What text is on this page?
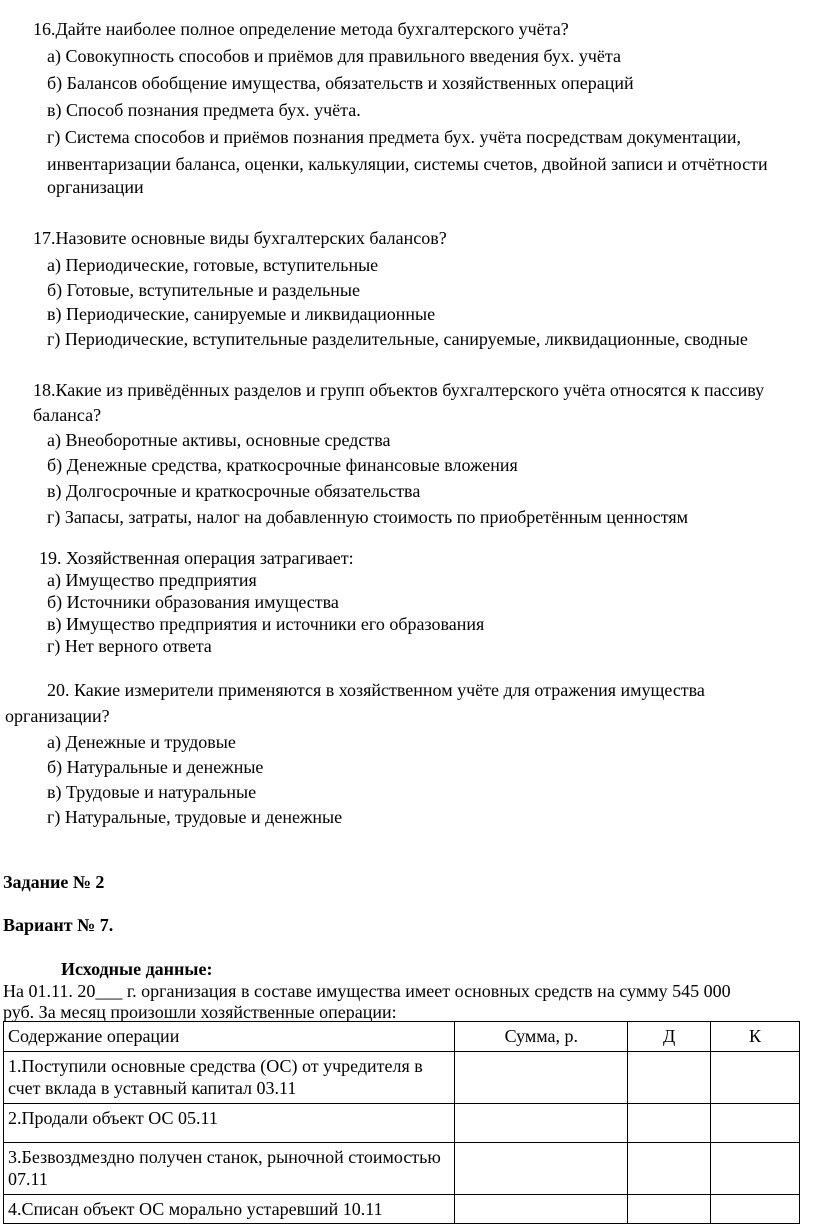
16.Дайте наиболее полное определение метода бухгалтерского учёта?
а) Совокупность способов и приёмов для правильного введения бух. учёта
б) Балансов обобщение имущества, обязательств и хозяйственных операций
в) Способ познания предмета бух. учёта.
г) Система способов и приёмов познания предмета бух. учёта посредствам документации,
инвентаризации баланса, оценки, калькуляции, системы счетов, двойной записи и отчётности
организации
17.Назовите основные виды бухгалтерских балансов?
а) Периодические, готовые, вступительные
б) Готовые, вступительные и раздельные
в) Периодические, санируемые и ликвидационные
г) Периодические, вступительные разделительные, санируемые, ликвидационные, сводные
18.Какие из привёдённых разделов и групп объектов бухгалтерского учёта относятся к пассиву
баланса?
а) Внеоборотные активы, основные средства
б) Денежные средства, краткосрочные финансовые вложения
в) Долгосрочные и краткосрочные обязательства
г) Запасы, затраты, налог на добавленную стоимость по приобретённым ценностям
19. Хозяйственная операция затрагивает:
а) Имущество предприятия
б) Источники образования имущества
в) Имущество предприятия и источники его образования
г) Нет верного ответа
20. Какие измерители применяются в хозяйственном учёте для отражения имущества
организации?
а) Денежные и трудовые
б) Натуральные и денежные
в) Трудовые и натуральные
г) Натуральные, трудовые и денежные
Задание № 2
Вариант № 7.
Исходные данные:
На 01.11. 20___ г. организация в составе имущества имеет основных средств на сумму 545 000
руб. За месяц произошли хозяйственные операции:
Содержание операции	Сумма, р.	Д	К
1.Поступили основные средства (ОС) от учредителя в счет вклада в уставный капитал 03.11			
2.Продали объект ОС 05.11			
3.Безвоздмездно получен станок, рыночной стоимостью 07.11			
4.Списан объект ОС морально устаревший 10.11			
